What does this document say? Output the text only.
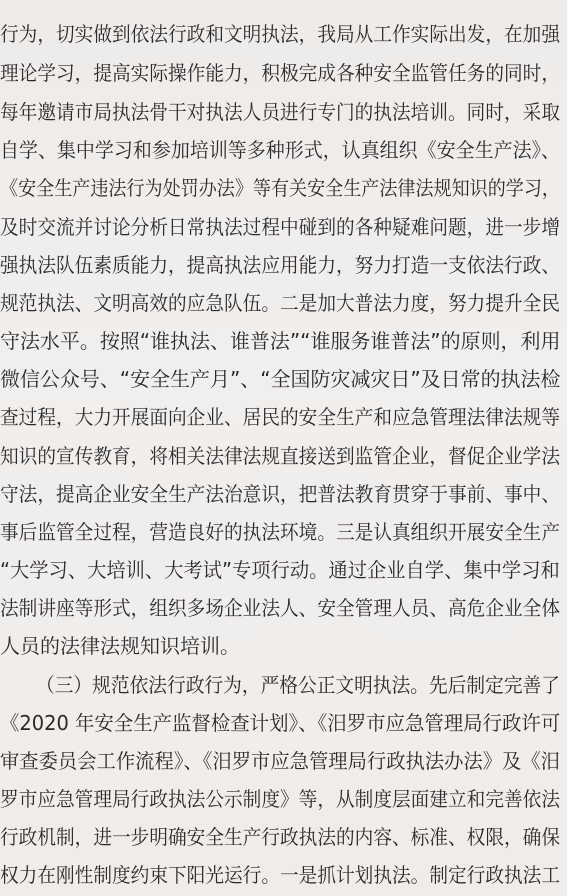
行为，切实做到依法行政和文明执法，我局从工作实际出发，在加强
理论学习，提高实际操作能力，积极完成各种安全监管任务的同时，
每年邀请市局执法骨干对执法人员进行专门的执法培训。同时，采取
自学、集中学习和参加培训等多种形式，认真组织《安全生产法》、
《安全生产违法行为处罚办法》等有关安全生产法律法规知识的学习，
及时交流并讨论分析日常执法过程中碰到的各种疑难问题，进一步增
强执法队伍素质能力，提高执法应用能力，努力打造一支依法行政、
规范执法、文明高效的应急队伍。二是加大普法力度，努力提升全民
守法水平。按照“谁执法、谁普法”“谁服务谁普法”的原则，利用
微信公众号、“安全生产月”、“全国防灾减灾日”及日常的执法检
查过程，大力开展面向企业、居民的安全生产和应急管理法律法规等
知识的宣传教育，将相关法律法规直接送到监管企业，督促企业学法
守法，提高企业安全生产法治意识，把普法教育贯穿于事前、事中、
事后监管全过程，营造良好的执法环境。三是认真组织开展安全生产
“大学习、大培训、大考试”专项行动。通过企业自学、集中学习和
法制讲座等形式，组织多场企业法人、安全管理人员、高危企业全体
人员的法律法规知识培训。
（三）规范依法行政行为，严格公正文明执法。先后制定完善了
《2020 年安全生产监督检查计划》、《汨罗市应急管理局行政许可
审查委员会工作流程》、《汨罗市应急管理局行政执法办法》及《汨
罗市应急管理局行政执法公示制度》等，从制度层面建立和完善依法
行政机制，进一步明确安全生产行政执法的内容、标准、权限，确保
权力在刚性制度约束下阳光运行。一是抓计划执法。制定行政执法工
